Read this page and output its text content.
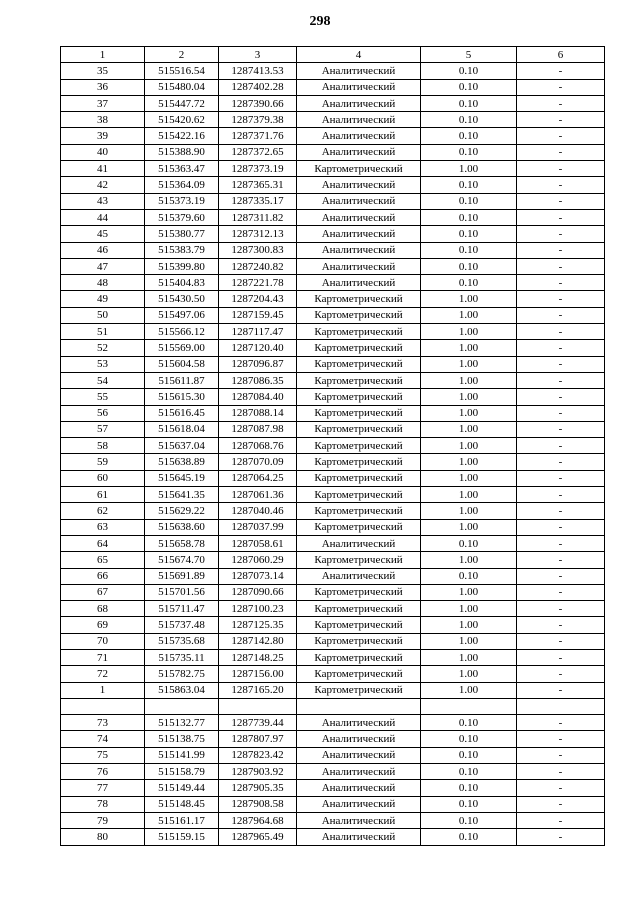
298
1	2	3	4	5	6
35	515516.54	1287413.53	Аналитический	0.10	-
36	515480.04	1287402.28	Аналитический	0.10	-
37	515447.72	1287390.66	Аналитический	0.10	-
38	515420.62	1287379.38	Аналитический	0.10	-
39	515422.16	1287371.76	Аналитический	0.10	-
40	515388.90	1287372.65	Аналитический	0.10	-
41	515363.47	1287373.19	Картометрический	1.00	-
42	515364.09	1287365.31	Аналитический	0.10	-
43	515373.19	1287335.17	Аналитический	0.10	-
44	515379.60	1287311.82	Аналитический	0.10	-
45	515380.77	1287312.13	Аналитический	0.10	-
46	515383.79	1287300.83	Аналитический	0.10	-
47	515399.80	1287240.82	Аналитический	0.10	-
48	515404.83	1287221.78	Аналитический	0.10	-
49	515430.50	1287204.43	Картометрический	1.00	-
50	515497.06	1287159.45	Картометрический	1.00	-
51	515566.12	1287117.47	Картометрический	1.00	-
52	515569.00	1287120.40	Картометрический	1.00	-
53	515604.58	1287096.87	Картометрический	1.00	-
54	515611.87	1287086.35	Картометрический	1.00	-
55	515615.30	1287084.40	Картометрический	1.00	-
56	515616.45	1287088.14	Картометрический	1.00	-
57	515618.04	1287087.98	Картометрический	1.00	-
58	515637.04	1287068.76	Картометрический	1.00	-
59	515638.89	1287070.09	Картометрический	1.00	-
60	515645.19	1287064.25	Картометрический	1.00	-
61	515641.35	1287061.36	Картометрический	1.00	-
62	515629.22	1287040.46	Картометрический	1.00	-
63	515638.60	1287037.99	Картометрический	1.00	-
64	515658.78	1287058.61	Аналитический	0.10	-
65	515674.70	1287060.29	Картометрический	1.00	-
66	515691.89	1287073.14	Аналитический	0.10	-
67	515701.56	1287090.66	Картометрический	1.00	-
68	515711.47	1287100.23	Картометрический	1.00	-
69	515737.48	1287125.35	Картометрический	1.00	-
70	515735.68	1287142.80	Картометрический	1.00	-
71	515735.11	1287148.25	Картометрический	1.00	-
72	515782.75	1287156.00	Картометрический	1.00	-
1	515863.04	1287165.20	Картометрический	1.00	-

73	515132.77	1287739.44	Аналитический	0.10	-
74	515138.75	1287807.97	Аналитический	0.10	-
75	515141.99	1287823.42	Аналитический	0.10	-
76	515158.79	1287903.92	Аналитический	0.10	-
77	515149.44	1287905.35	Аналитический	0.10	-
78	515148.45	1287908.58	Аналитический	0.10	-
79	515161.17	1287964.68	Аналитический	0.10	-
80	515159.15	1287965.49	Аналитический	0.10	-
